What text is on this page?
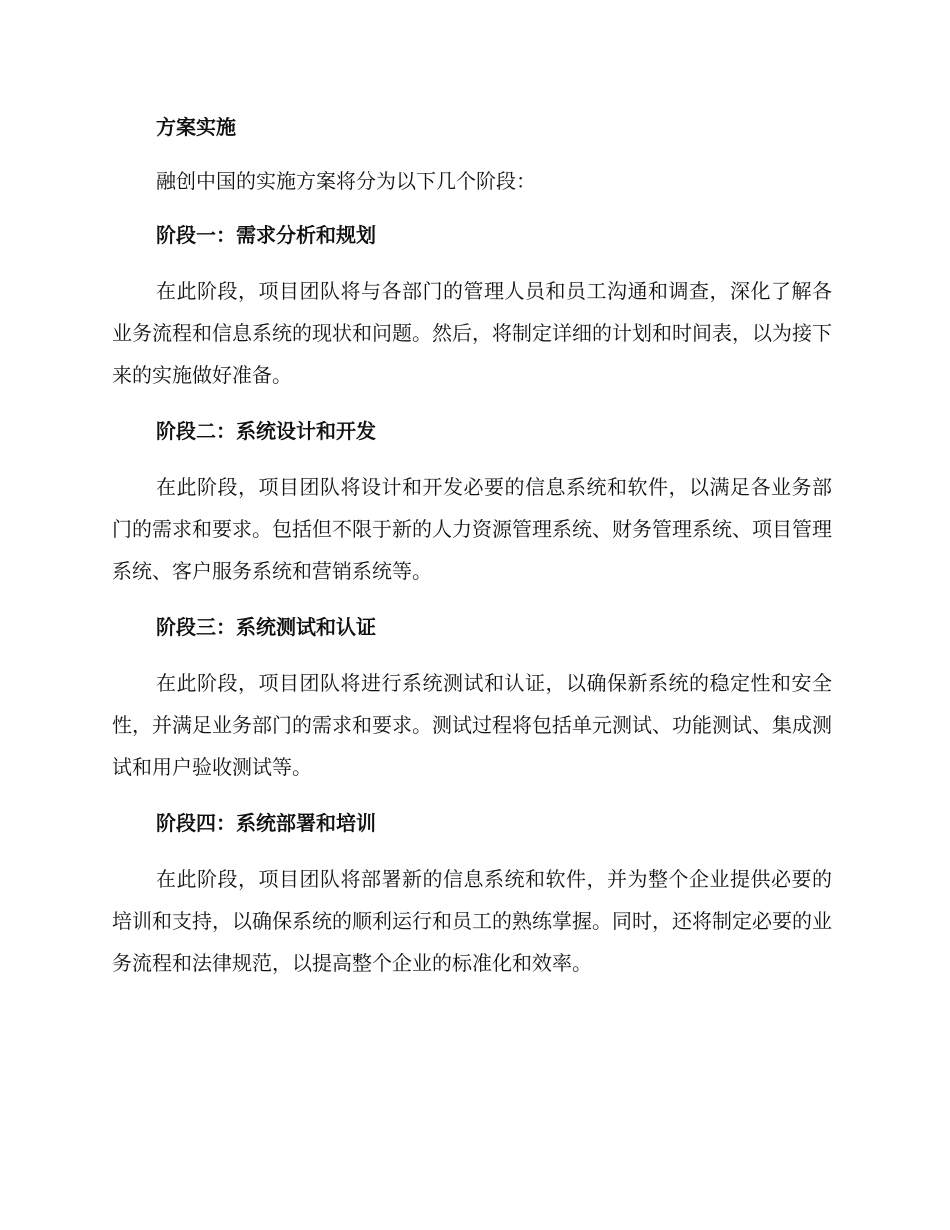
方案实施

融创中国的实施方案将分为以下几个阶段：

阶段一：需求分析和规划

在此阶段，项目团队将与各部门的管理人员和员工沟通和调查，深化了解各业务流程和信息系统的现状和问题。然后，将制定详细的计划和时间表，以为接下来的实施做好准备。

阶段二：系统设计和开发

在此阶段，项目团队将设计和开发必要的信息系统和软件，以满足各业务部门的需求和要求。包括但不限于新的人力资源管理系统、财务管理系统、项目管理系统、客户服务系统和营销系统等。

阶段三：系统测试和认证

在此阶段，项目团队将进行系统测试和认证，以确保新系统的稳定性和安全性，并满足业务部门的需求和要求。测试过程将包括单元测试、功能测试、集成测试和用户验收测试等。

阶段四：系统部署和培训

在此阶段，项目团队将部署新的信息系统和软件，并为整个企业提供必要的培训和支持，以确保系统的顺利运行和员工的熟练掌握。同时，还将制定必要的业务流程和法律规范，以提高整个企业的标准化和效率。
